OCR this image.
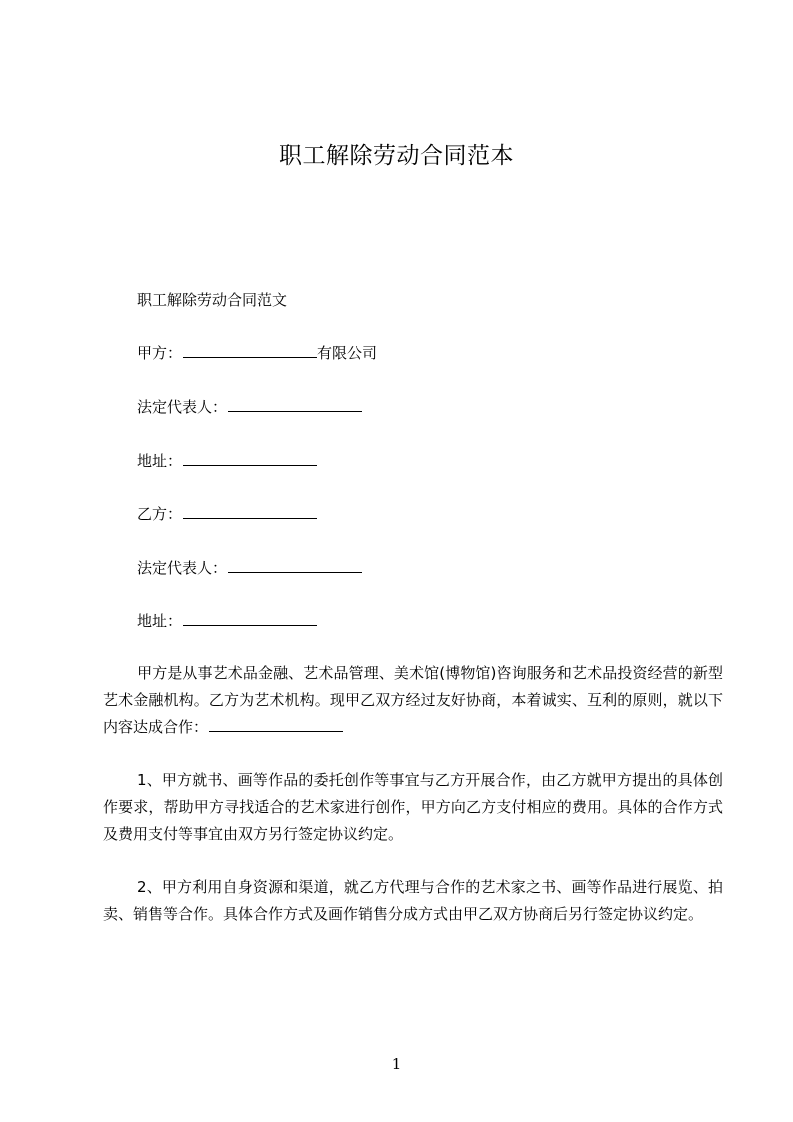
职工解除劳动合同范本
职工解除劳动合同范文
甲方：	有限公司
法定代表人：
地址：
乙方：
法定代表人：
地址：
甲方是从事艺术品金融、艺术品管理、美术馆(博物馆)咨询服务和艺术品投资经营的新型艺术金融机构。乙方为艺术机构。现甲乙双方经过友好协商，本着诚实、互利的原则，就以下内容达成合作：
1、甲方就书、画等作品的委托创作等事宜与乙方开展合作，由乙方就甲方提出的具体创作要求，帮助甲方寻找适合的艺术家进行创作，甲方向乙方支付相应的费用。具体的合作方式及费用支付等事宜由双方另行签定协议约定。
2、甲方利用自身资源和渠道，就乙方代理与合作的艺术家之书、画等作品进行展览、拍卖、销售等合作。具体合作方式及画作销售分成方式由甲乙双方协商后另行签定协议约定。
1
